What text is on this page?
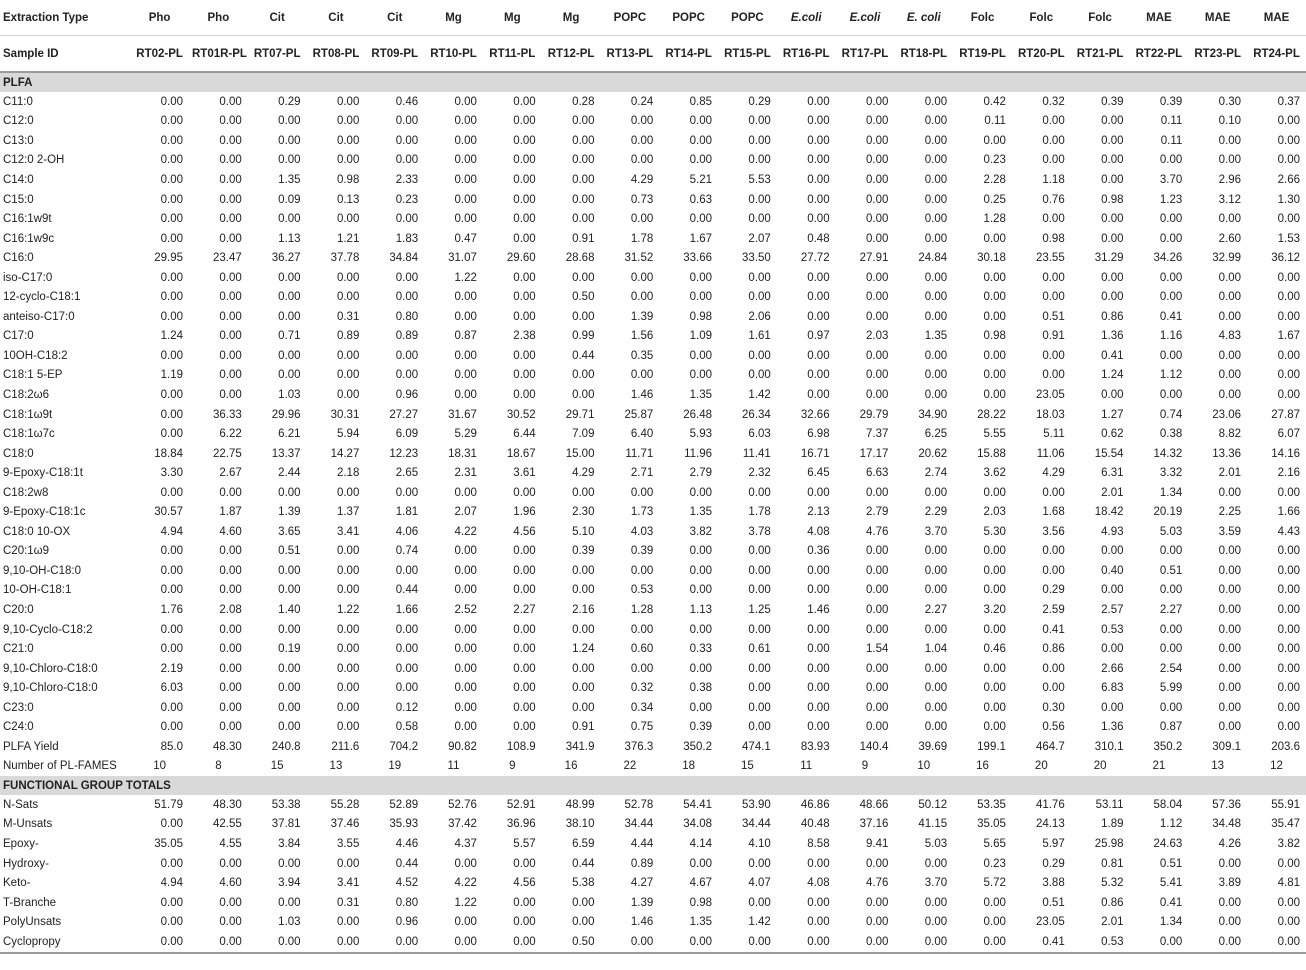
Extraction Type	Pho	Pho	Cit	Cit	Cit	Mg	Mg	Mg	POPC	POPC	POPC	E.coli	E.coli	E. coli	Folc	Folc	Folc	MAE	MAE	MAE
Sample ID	RT02-PL	RT01R-PL	RT07-PL	RT08-PL	RT09-PL	RT10-PL	RT11-PL	RT12-PL	RT13-PL	RT14-PL	RT15-PL	RT16-PL	RT17-PL	RT18-PL	RT19-PL	RT20-PL	RT21-PL	RT22-PL	RT23-PL	RT24-PL
PLFA																				
C11:0	0.00	0.00	0.29	0.00	0.46	0.00	0.00	0.28	0.24	0.85	0.29	0.00	0.00	0.00	0.42	0.32	0.39	0.39	0.30	0.37
C12:0	0.00	0.00	0.00	0.00	0.00	0.00	0.00	0.00	0.00	0.00	0.00	0.00	0.00	0.00	0.11	0.00	0.00	0.11	0.10	0.00
C13:0	0.00	0.00	0.00	0.00	0.00	0.00	0.00	0.00	0.00	0.00	0.00	0.00	0.00	0.00	0.00	0.00	0.00	0.11	0.00	0.00
C12:0 2-OH	0.00	0.00	0.00	0.00	0.00	0.00	0.00	0.00	0.00	0.00	0.00	0.00	0.00	0.00	0.23	0.00	0.00	0.00	0.00	0.00
C14:0	0.00	0.00	1.35	0.98	2.33	0.00	0.00	0.00	4.29	5.21	5.53	0.00	0.00	0.00	2.28	1.18	0.00	3.70	2.96	2.66
C15:0	0.00	0.00	0.09	0.13	0.23	0.00	0.00	0.00	0.73	0.63	0.00	0.00	0.00	0.00	0.25	0.76	0.98	1.23	3.12	1.30
C16:1w9t	0.00	0.00	0.00	0.00	0.00	0.00	0.00	0.00	0.00	0.00	0.00	0.00	0.00	0.00	1.28	0.00	0.00	0.00	0.00	0.00
C16:1w9c	0.00	0.00	1.13	1.21	1.83	0.47	0.00	0.91	1.78	1.67	2.07	0.48	0.00	0.00	0.00	0.98	0.00	0.00	2.60	1.53
C16:0	29.95	23.47	36.27	37.78	34.84	31.07	29.60	28.68	31.52	33.66	33.50	27.72	27.91	24.84	30.18	23.55	31.29	34.26	32.99	36.12
iso-C17:0	0.00	0.00	0.00	0.00	0.00	1.22	0.00	0.00	0.00	0.00	0.00	0.00	0.00	0.00	0.00	0.00	0.00	0.00	0.00	0.00
12-cyclo-C18:1	0.00	0.00	0.00	0.00	0.00	0.00	0.00	0.50	0.00	0.00	0.00	0.00	0.00	0.00	0.00	0.00	0.00	0.00	0.00	0.00
anteiso-C17:0	0.00	0.00	0.00	0.31	0.80	0.00	0.00	0.00	1.39	0.98	2.06	0.00	0.00	0.00	0.00	0.51	0.86	0.41	0.00	0.00
C17:0	1.24	0.00	0.71	0.89	0.89	0.87	2.38	0.99	1.56	1.09	1.61	0.97	2.03	1.35	0.98	0.91	1.36	1.16	4.83	1.67
10OH-C18:2	0.00	0.00	0.00	0.00	0.00	0.00	0.00	0.44	0.35	0.00	0.00	0.00	0.00	0.00	0.00	0.00	0.41	0.00	0.00	0.00
C18:1 5-EP	1.19	0.00	0.00	0.00	0.00	0.00	0.00	0.00	0.00	0.00	0.00	0.00	0.00	0.00	0.00	0.00	1.24	1.12	0.00	0.00
C18:2ω6	0.00	0.00	1.03	0.00	0.96	0.00	0.00	0.00	1.46	1.35	1.42	0.00	0.00	0.00	0.00	23.05	0.00	0.00	0.00	0.00
C18:1ω9t	0.00	36.33	29.96	30.31	27.27	31.67	30.52	29.71	25.87	26.48	26.34	32.66	29.79	34.90	28.22	18.03	1.27	0.74	23.06	27.87
C18:1ω7c	0.00	6.22	6.21	5.94	6.09	5.29	6.44	7.09	6.40	5.93	6.03	6.98	7.37	6.25	5.55	5.11	0.62	0.38	8.82	6.07
C18:0	18.84	22.75	13.37	14.27	12.23	18.31	18.67	15.00	11.71	11.96	11.41	16.71	17.17	20.62	15.88	11.06	15.54	14.32	13.36	14.16
9-Epoxy-C18:1t	3.30	2.67	2.44	2.18	2.65	2.31	3.61	4.29	2.71	2.79	2.32	6.45	6.63	2.74	3.62	4.29	6.31	3.32	2.01	2.16
C18:2w8	0.00	0.00	0.00	0.00	0.00	0.00	0.00	0.00	0.00	0.00	0.00	0.00	0.00	0.00	0.00	0.00	2.01	1.34	0.00	0.00
9-Epoxy-C18:1c	30.57	1.87	1.39	1.37	1.81	2.07	1.96	2.30	1.73	1.35	1.78	2.13	2.79	2.29	2.03	1.68	18.42	20.19	2.25	1.66
C18:0 10-OX	4.94	4.60	3.65	3.41	4.06	4.22	4.56	5.10	4.03	3.82	3.78	4.08	4.76	3.70	5.30	3.56	4.93	5.03	3.59	4.43
C20:1ω9	0.00	0.00	0.51	0.00	0.74	0.00	0.00	0.39	0.39	0.00	0.00	0.36	0.00	0.00	0.00	0.00	0.00	0.00	0.00	0.00
9,10-OH-C18:0	0.00	0.00	0.00	0.00	0.00	0.00	0.00	0.00	0.00	0.00	0.00	0.00	0.00	0.00	0.00	0.00	0.40	0.51	0.00	0.00
10-OH-C18:1	0.00	0.00	0.00	0.00	0.44	0.00	0.00	0.00	0.53	0.00	0.00	0.00	0.00	0.00	0.00	0.29	0.00	0.00	0.00	0.00
C20:0	1.76	2.08	1.40	1.22	1.66	2.52	2.27	2.16	1.28	1.13	1.25	1.46	0.00	2.27	3.20	2.59	2.57	2.27	0.00	0.00
9,10-Cyclo-C18:2	0.00	0.00	0.00	0.00	0.00	0.00	0.00	0.00	0.00	0.00	0.00	0.00	0.00	0.00	0.00	0.41	0.53	0.00	0.00	0.00
C21:0	0.00	0.00	0.19	0.00	0.00	0.00	0.00	1.24	0.60	0.33	0.61	0.00	1.54	1.04	0.46	0.86	0.00	0.00	0.00	0.00
9,10-Chloro-C18:0	2.19	0.00	0.00	0.00	0.00	0.00	0.00	0.00	0.00	0.00	0.00	0.00	0.00	0.00	0.00	0.00	2.66	2.54	0.00	0.00
9,10-Chloro-C18:0	6.03	0.00	0.00	0.00	0.00	0.00	0.00	0.00	0.32	0.38	0.00	0.00	0.00	0.00	0.00	0.00	6.83	5.99	0.00	0.00
C23:0	0.00	0.00	0.00	0.00	0.12	0.00	0.00	0.00	0.34	0.00	0.00	0.00	0.00	0.00	0.00	0.30	0.00	0.00	0.00	0.00
C24:0	0.00	0.00	0.00	0.00	0.58	0.00	0.00	0.91	0.75	0.39	0.00	0.00	0.00	0.00	0.00	0.56	1.36	0.87	0.00	0.00
PLFA Yield	85.0	48.30	240.8	211.6	704.2	90.82	108.9	341.9	376.3	350.2	474.1	83.93	140.4	39.69	199.1	464.7	310.1	350.2	309.1	203.6
Number of PL-FAMES	10	8	15	13	19	11	9	16	22	18	15	11	9	10	16	20	20	21	13	12
FUNCTIONAL GROUP TOTALS																				
N-Sats	51.79	48.30	53.38	55.28	52.89	52.76	52.91	48.99	52.78	54.41	53.90	46.86	48.66	50.12	53.35	41.76	53.11	58.04	57.36	55.91
M-Unsats	0.00	42.55	37.81	37.46	35.93	37.42	36.96	38.10	34.44	34.08	34.44	40.48	37.16	41.15	35.05	24.13	1.89	1.12	34.48	35.47
Epoxy-	35.05	4.55	3.84	3.55	4.46	4.37	5.57	6.59	4.44	4.14	4.10	8.58	9.41	5.03	5.65	5.97	25.98	24.63	4.26	3.82
Hydroxy-	0.00	0.00	0.00	0.00	0.44	0.00	0.00	0.44	0.89	0.00	0.00	0.00	0.00	0.00	0.23	0.29	0.81	0.51	0.00	0.00
Keto-	4.94	4.60	3.94	3.41	4.52	4.22	4.56	5.38	4.27	4.67	4.07	4.08	4.76	3.70	5.72	3.88	5.32	5.41	3.89	4.81
T-Branche	0.00	0.00	0.00	0.31	0.80	1.22	0.00	0.00	1.39	0.98	0.00	0.00	0.00	0.00	0.00	0.51	0.86	0.41	0.00	0.00
PolyUnsats	0.00	0.00	1.03	0.00	0.96	0.00	0.00	0.00	1.46	1.35	1.42	0.00	0.00	0.00	0.00	23.05	2.01	1.34	0.00	0.00
Cyclopropy	0.00	0.00	0.00	0.00	0.00	0.00	0.00	0.50	0.00	0.00	0.00	0.00	0.00	0.00	0.00	0.41	0.53	0.00	0.00	0.00
